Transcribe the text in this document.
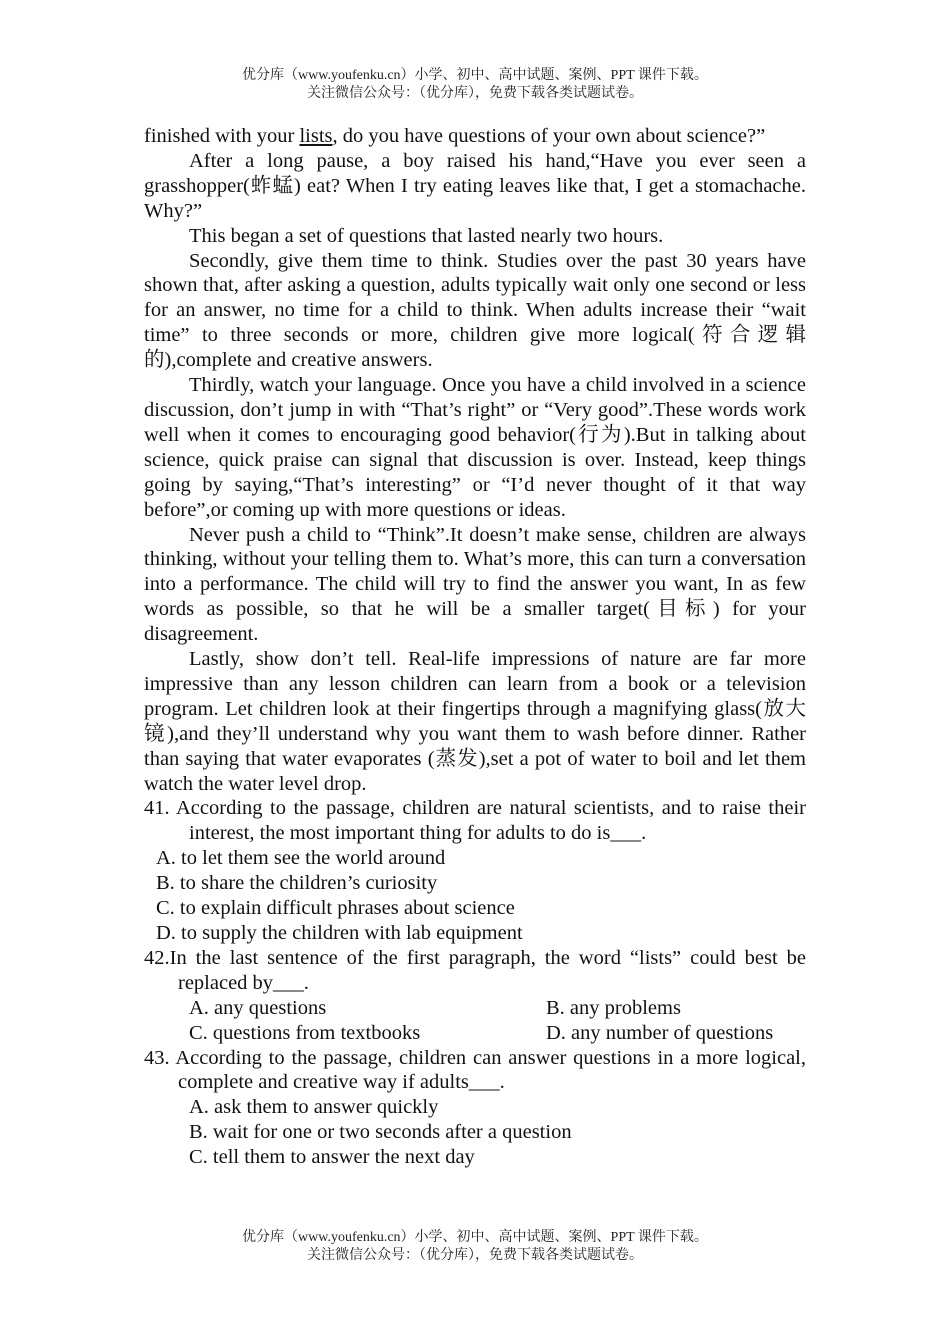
优分库（www.youfenku.cn）小学、初中、高中试题、案例、PPT 课件下载。
关注微信公众号：（优分库），免费下载各类试题试卷。

finished with your lists, do you have questions of your own about science?”

After a long pause, a boy raised his hand,“Have you ever seen a grasshopper(蚱蜢) eat? When I try eating leaves like that, I get a stomachache. Why?”

This began a set of questions that lasted nearly two hours.

Secondly, give them time to think. Studies over the past 30 years have shown that, after asking a question, adults typically wait only one second or less for an answer, no time for a child to think. When adults increase their “wait time” to three seconds or more, children give more logical(符合逻辑的),complete and creative answers.

Thirdly, watch your language. Once you have a child involved in a science discussion, don’t jump in with “That’s right” or “Very good”.These words work well when it comes to encouraging good behavior(行为).But in talking about science, quick praise can signal that discussion is over. Instead, keep things going by saying,“That’s interesting” or “I’d never thought of it that way before”,or coming up with more questions or ideas.

Never push a child to “Think”.It doesn’t make sense, children are always thinking, without your telling them to. What’s more, this can turn a conversation into a performance. The child will try to find the answer you want, In as few words as possible, so that he will be a smaller target(目标) for your disagreement.

Lastly, show don’t tell. Real-life impressions of nature are far more impressive than any lesson children can learn from a book or a television program. Let children look at their fingertips through a magnifying glass(放大镜),and they’ll understand why you want them to wash before dinner. Rather than saying that water evaporates (蒸发),set a pot of water to boil and let them watch the water level drop.

41. According to the passage, children are natural scientists, and to raise their interest, the most important thing for adults to do is___.
A. to let them see the world around
B. to share the children’s curiosity
C. to explain difficult phrases about science
D. to supply the children with lab equipment
42.In the last sentence of the first paragraph, the word “lists” could best be replaced by___.
A. any questions	B. any problems
C. questions from textbooks	D. any number of questions
43. According to the passage, children can answer questions in a more logical, complete and creative way if adults___.
A. ask them to answer quickly
B. wait for one or two seconds after a question
C. tell them to answer the next day
优分库（www.youfenku.cn）小学、初中、高中试题、案例、PPT 课件下载。
关注微信公众号：（优分库），免费下载各类试题试卷。
